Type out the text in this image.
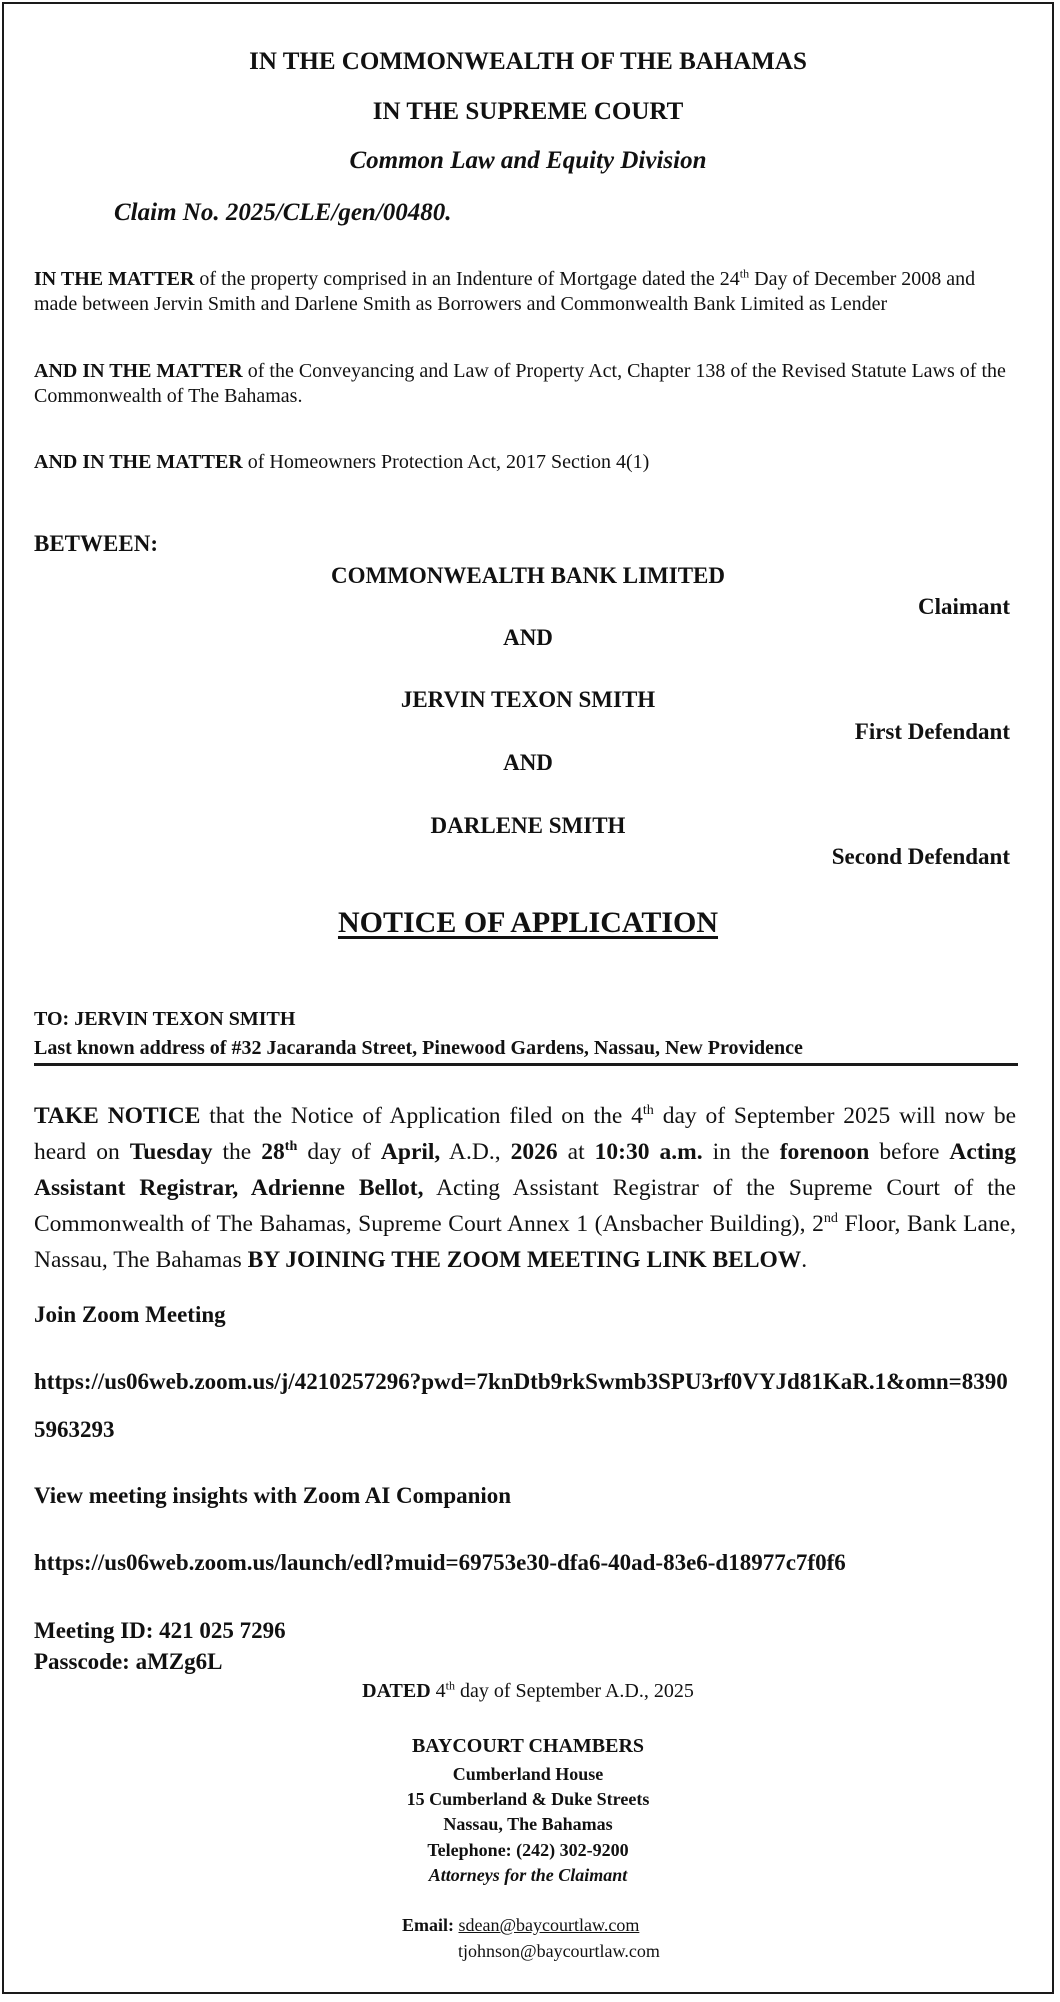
IN THE COMMONWEALTH OF THE BAHAMAS
IN THE SUPREME COURT
Common Law and Equity Division
Claim No. 2025/CLE/gen/00480.
IN THE MATTER of the property comprised in an Indenture of Mortgage dated the 24th Day of December 2008 and made between Jervin Smith and Darlene Smith as Borrowers and Commonwealth Bank Limited as Lender
AND IN THE MATTER of the Conveyancing and Law of Property Act, Chapter 138 of the Revised Statute Laws of the Commonwealth of The Bahamas.
AND IN THE MATTER of Homeowners Protection Act, 2017 Section 4(1)
BETWEEN:
COMMONWEALTH BANK LIMITED
Claimant
AND
JERVIN TEXON SMITH
First Defendant
AND
DARLENE SMITH
Second Defendant
NOTICE OF APPLICATION
TO: JERVIN TEXON SMITH
Last known address of #32 Jacaranda Street, Pinewood Gardens, Nassau, New Providence
TAKE NOTICE that the Notice of Application filed on the 4th day of September 2025 will now be heard on Tuesday the 28th day of April, A.D., 2026 at 10:30 a.m. in the forenoon before Acting Assistant Registrar, Adrienne Bellot, Acting Assistant Registrar of the Supreme Court of the Commonwealth of The Bahamas, Supreme Court Annex 1 (Ansbacher Building), 2nd Floor, Bank Lane, Nassau, The Bahamas BY JOINING THE ZOOM MEETING LINK BELOW.
Join Zoom Meeting
https://us06web.zoom.us/j/4210257296?pwd=7knDtb9rkSwmb3SPU3rf0VYJd81KaR.1&omn=8390
5963293
View meeting insights with Zoom AI Companion
https://us06web.zoom.us/launch/edl?muid=69753e30-dfa6-40ad-83e6-d18977c7f0f6
Meeting ID: 421 025 7296
Passcode: aMZg6L
DATED 4th day of September A.D., 2025
BAYCOURT CHAMBERS
Cumberland House
15 Cumberland & Duke Streets
Nassau, The Bahamas
Telephone: (242) 302-9200
Attorneys for the Claimant
Email: sdean@baycourtlaw.com
tjohnson@baycourtlaw.com
